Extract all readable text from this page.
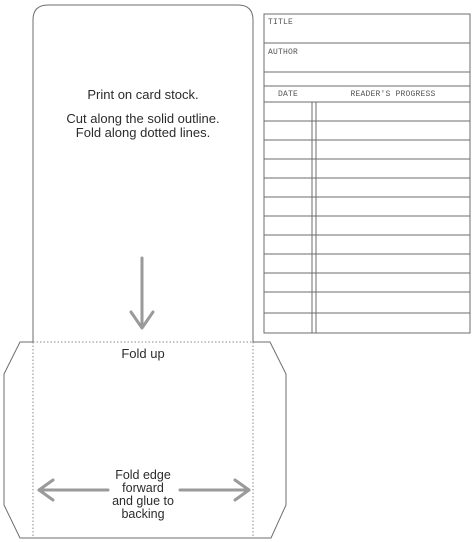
Print on card stock.
Cut along the solid outline.
Fold along dotted lines.
Fold up
Fold edge
forward
and glue to
backing
TITLE
AUTHOR
DATE	READER'S PROGRESS
